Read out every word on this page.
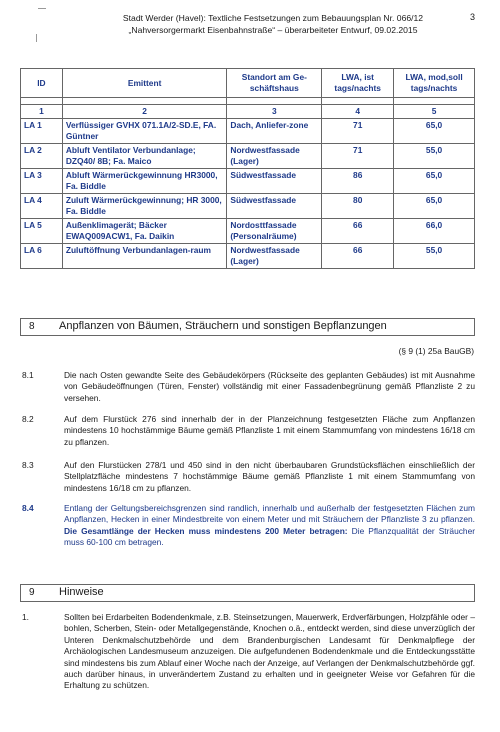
Stadt Werder (Havel): Textliche Festsetzungen zum Bebauungsplan Nr. 066/12
„Nahversorgermarkt Eisenbahnstraße“ – überarbeiteter Entwurf, 09.02.2015
3
ID	Emittent	Standort am Ge-schäftshaus	LWA, ist tags/nachts	LWA, mod,soll tags/nachts

1	2	3	4	5
LA 1	Verflüssiger GVHX 071.1A/2-SD.E, FA. Güntner	Dach, Anliefer-zone	71	65,0
LA 2	Abluft Ventilator Verbundanlage; DZQ40/ 8B; Fa. Maico	Nordwestfassade (Lager)	71	55,0
LA 3	Abluft Wärmerückgewinnung HR3000, Fa. Biddle	Südwestfassade	86	65,0
LA 4	Zuluft Wärmerückgewinnung; HR 3000, Fa. Biddle	Südwestfassade	80	65,0
LA 5	Außenklimagerät; Bäcker EWAQ009ACW1, Fa. Daikin	Nordosttfassade (Personalräume)	66	66,0
LA 6	Zuluftöffnung Verbundanlagen-raum	Nordwestfassade (Lager)	66	55,0
8 Anpflanzen von Bäumen, Sträuchern und sonstigen Bepflanzungen
(§ 9 (1) 25a BauGB)
8.1	Die nach Osten gewandte Seite des Gebäudekörpers (Rückseite des geplanten Gebäudes) ist mit Ausnahme von Gebäudeöffnungen (Türen, Fenster) vollständig mit einer Fassadenbegrünung gemäß Pflanzliste 2 zu versehen.
8.2	Auf dem Flurstück 276 sind innerhalb der in der Planzeichnung festgesetzten Fläche zum Anpflanzen mindestens 10 hochstämmige Bäume gemäß Pflanzliste 1 mit einem Stammumfang von mindestens 16/18 cm zu pflanzen.
8.3	Auf den Flurstücken 278/1 und 450 sind in den nicht überbaubaren Grundstücksflächen einschließlich der Stellplatzfläche mindestens 7 hochstämmige Bäume gemäß Pflanzliste 1 mit einem Stammumfang von mindestens 16/18 cm zu pflanzen.
8.4	Entlang der Geltungsbereichsgrenzen sind randlich, innerhalb und außerhalb der festgesetzten Flächen zum Anpflanzen, Hecken in einer Mindestbreite von einem Meter und mit Sträuchern der Pflanzliste 3 zu pflanzen. Die Gesamtlänge der Hecken muss mindestens 200 Meter betragen: Die Pflanzqualität der Sträucher muss 60-100 cm betragen.
9 Hinweise
1.	Sollten bei Erdarbeiten Bodendenkmale, z.B. Steinsetzungen, Mauerwerk, Erdverfärbungen, Holzpfähle oder –bohlen, Scherben, Stein- oder Metallgegenstände, Knochen o.ä., entdeckt werden, sind diese unverzüglich der Unteren Denkmalschutzbehörde und dem Brandenburgischen Landesamt für Denkmalpflege der Archäologischen Landesmuseum anzuzeigen. Die aufgefundenen Bodendenkmale und die Entdeckungsstätte sind mindestens bis zum Ablauf einer Woche nach der Anzeige, auf Verlangen der Denkmalschutzbehörde ggf. auch darüber hinaus, in unverändertem Zustand zu erhalten und in geeigneter Weise vor Gefahren für die Erhaltung zu schützen.
